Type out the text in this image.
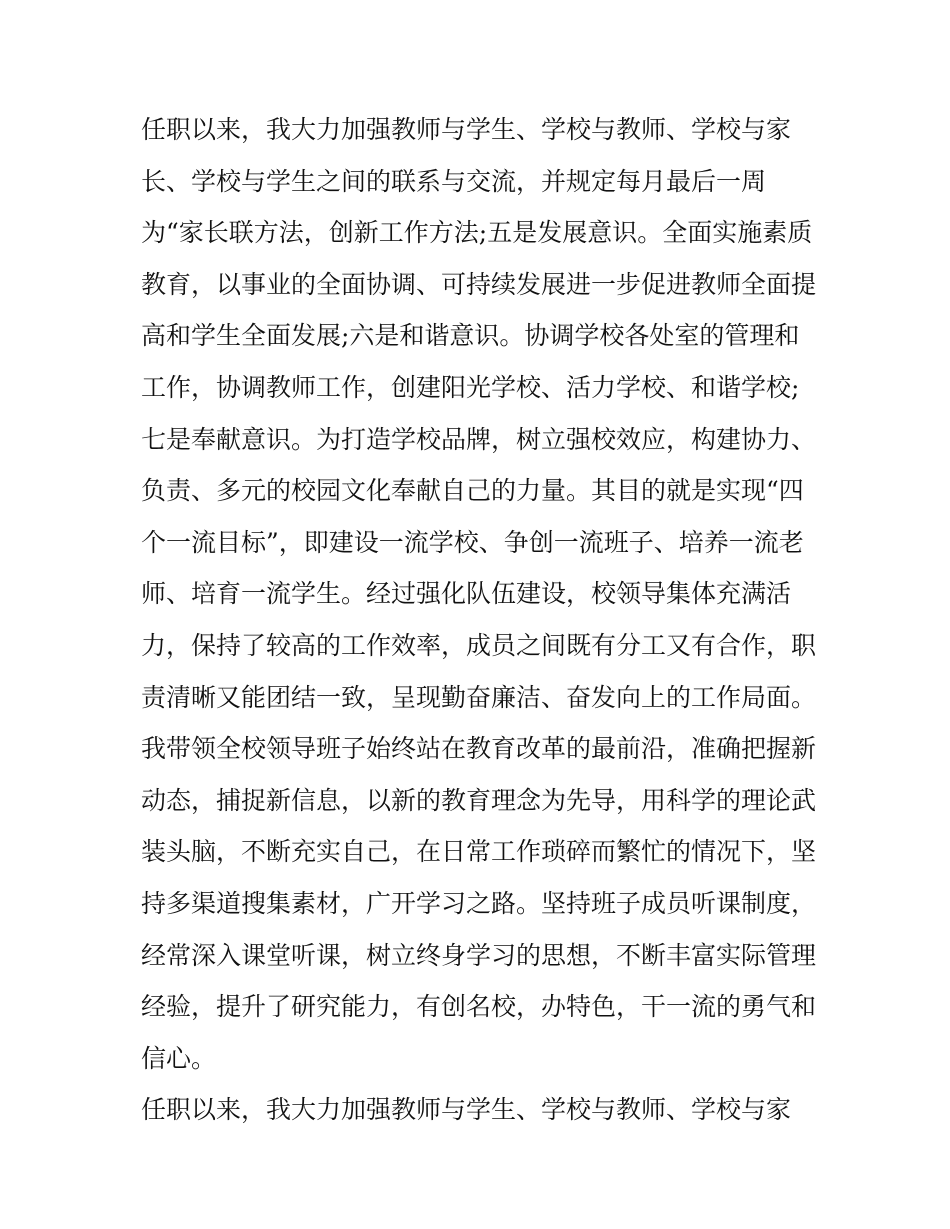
任职以来，我大力加强教师与学生、学校与教师、学校与家
长、学校与学生之间的联系与交流，并规定每月最后一周
为“家长联方法，创新工作方法;五是发展意识。全面实施素质
教育，以事业的全面协调、可持续发展进一步促进教师全面提
高和学生全面发展;六是和谐意识。协调学校各处室的管理和
工作，协调教师工作，创建阳光学校、活力学校、和谐学校;
七是奉献意识。为打造学校品牌，树立强校效应，构建协力、
负责、多元的校园文化奉献自己的力量。其目的就是实现“四
个一流目标”，即建设一流学校、争创一流班子、培养一流老
师、培育一流学生。经过强化队伍建设，校领导集体充满活
力，保持了较高的工作效率，成员之间既有分工又有合作，职
责清晰又能团结一致，呈现勤奋廉洁、奋发向上的工作局面。
我带领全校领导班子始终站在教育改革的最前沿，准确把握新
动态，捕捉新信息，以新的教育理念为先导，用科学的理论武
装头脑，不断充实自己，在日常工作琐碎而繁忙的情况下，坚
持多渠道搜集素材，广开学习之路。坚持班子成员听课制度，
经常深入课堂听课，树立终身学习的思想，不断丰富实际管理
经验，提升了研究能力，有创名校，办特色，干一流的勇气和
信心。
任职以来，我大力加强教师与学生、学校与教师、学校与家
